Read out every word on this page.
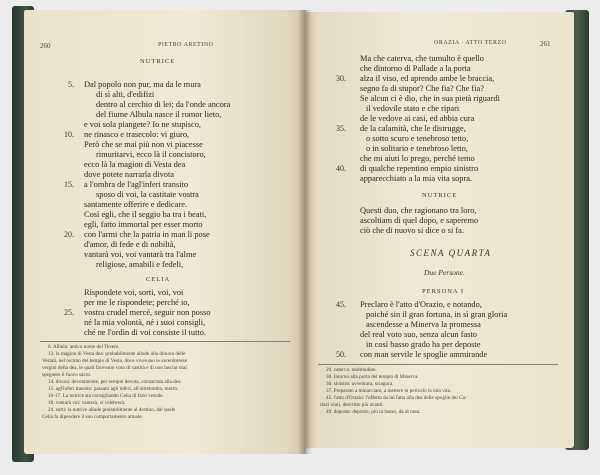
260	PIETRO ARETINO
NUTRICE
5.
10.
15.
20.
Dal popolo non pur, ma da le mura
di sì alti, d'edifizi
dentro al cerchio di lei; da l'onde ancora
del fiume Albula nasce il romor lieto,
e voi sola piangete? Io ne stupisco,
ne rinasco e trasecolo: vi giuro,
Però che se mai più non vi piacesse
rimuritarvi, ecco là il concistoro,
ecco là la magion di Vesta dea
dove potete narrarla divota
a l'ombra de l'agl'inferi transito
sposo di voi, la castitate vostra
santamente offerire e dedicare.
Così egli, che il seggio ha tra i beati,
egli, fatto immortal per esser morto
con l'armi che la patria in man li pose
d'amor, di fede e di nobiltà,
vantarà voi, voi vantarà tra l'alme
religiose, amabili e fedeli,
CELIA
25.
Rispondete voi, sorti, voi, voi
per me le rispondete; perché io,
vostra crudel mercé, seguir non posso
né la mia volontà, né i suoi consigli,
ché ne l'ordin di voi consiste il tutto.
8. Albula: antico nome del Tevere.
13. la magion di Vesta dea: probabilmente allude alla dimora delle
Vestali, nel recinto del tempio di Vesta, dove vivevano le sacerdotesse
vergini della dea, le quali facevano voto di castità e di non lasciar mai
spegnere il fuoco sacro.
14. divota: devotamente, per sempre devota, consacrata alla dea.
15. agl'inferi transito: passato agli inferi, all'oltretomba, morto.
16-17. La nutrice sta consigliando Celia di farsi vestale.
18. vantarà voi: vanterà, vi celebrerà.
24. sorti: la nutrice allude probabilmente al destino, dal quale
Celia fa dipendere il suo comportamento attuale.
ORAZIA · ATTO TERZO	261
30.
35.
40.
Ma che caterva, che tumulto è quello
che dintorno di Pallade a la porta
alza il viso, ed aprendo ambe le braccia,
segno fa di stupor? Che fia? Che fia?
Se alcun ci è dio, che in sua pietà riguardi
il vedovile stato e che ripari
de le vedove ai casi, ed abbia cura
de la calamità, che le distrugge,
o sotto scuro e tenebroso tetto,
o in solitario e tenebroso letto,
che mi aiuti lo prego, perché temo
di qualche repentino empio sinistro
apparecchiato a la mia vita sopra.
NUTRICE
Questi duo, che ragionano tra loro,
ascoltiam di quel dopo, e saperemo
ciò che di nuovo si dice o si fa.
SCENA QUARTA
Due Persone.
PERSONA I
45.
50.
Preclaro è l'atto d'Orazio, e notando,
poiché sin il gran fortuna, in sì gran gloria
ascendesse a Minerva la promessa
del real voto suo, senza alcun fasto
in così basso grado ha per deposte
con man servile le spoglie ammirande
29. caterva: moltitudine.
30. Intorno alla porta del tempio di Minerva.
36. sinistro: avventura, sciagura.
37. Preparato a minacciare, a mettere in pericolo la mia vita.
45. l'atto d'Orazio: l'offerta da lui fatta alla dea delle spoglie dei Cu-
riazi vinti, descritto più avanti.
49. deposte: deposto; più in basso, dà di nota.
